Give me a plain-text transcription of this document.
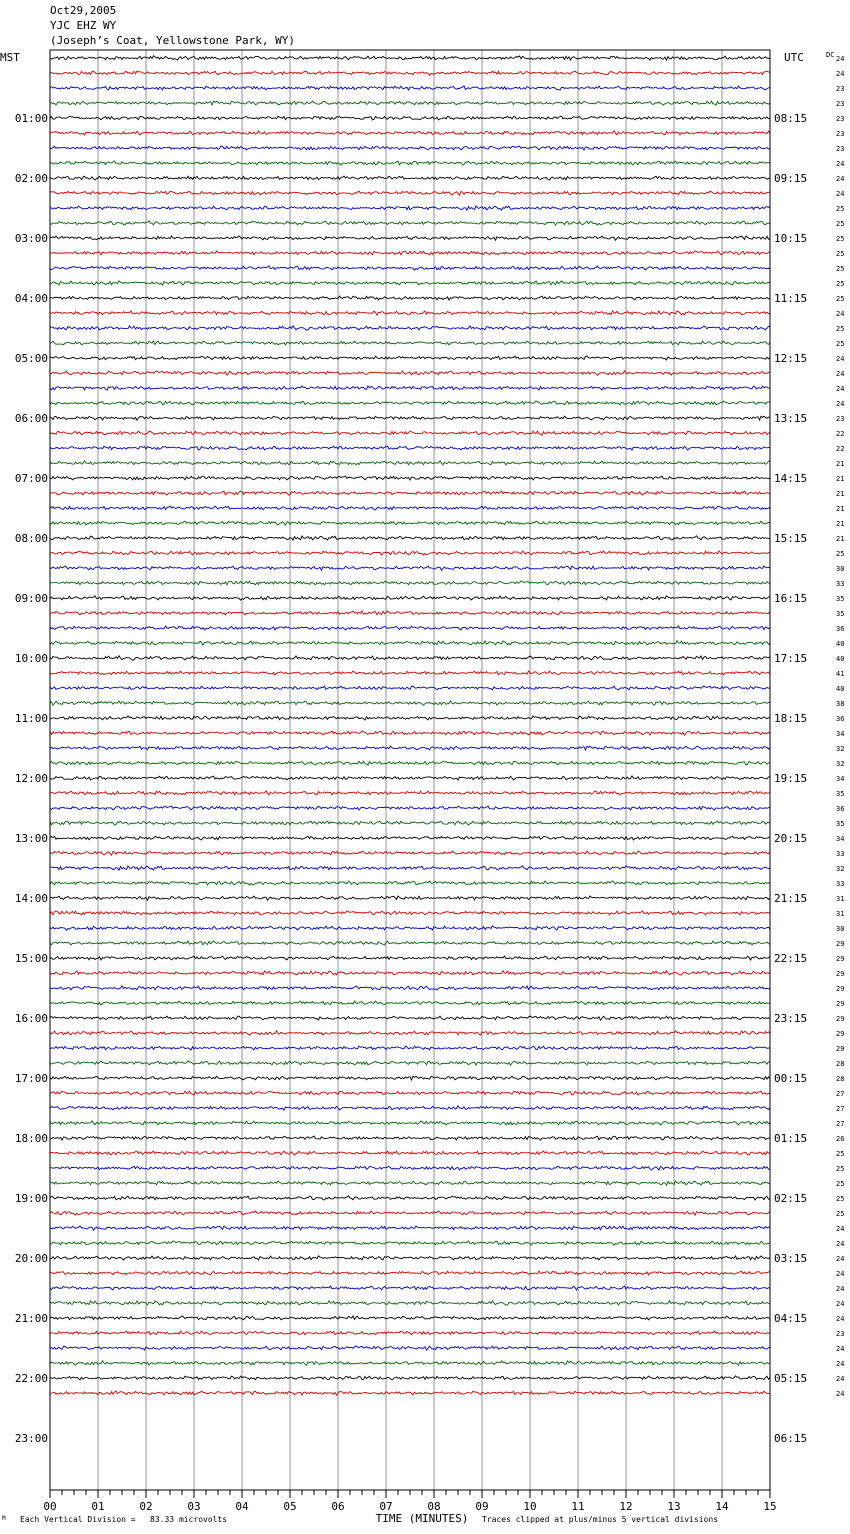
Oct29,2005
YJC EHZ WY
(Joseph’s Coat, Yellowstone Park, WY)
MST	UTC	DC
01:00
02:00
03:00
04:00
05:00
06:00
07:00
08:00
09:00
10:00
11:00
12:00
13:00
14:00
15:00
16:00
17:00
18:00
19:00
20:00
21:00
22:00
23:00
08:15
09:15
10:15
11:15
12:15
13:15
14:15
15:15
16:15
17:15
18:15
19:15
20:15
21:15
22:15
23:15
00:15
01:15
02:15
03:15
04:15
05:15
06:15
24
24
23
23
23
23
23
24
24
24
25
25
25
25
25
25
25
24
25
25
24
24
24
24
23
22
22
21
21
21
21
21
21
25
30
33
35
35
36
40
40
41
40
38
36
34
32
32
34
35
36
35
34
33
32
33
31
31
30
29
29
29
29
29
29
29
29
28
28
27
27
27
26
25
25
25
25
25
24
24
24
24
24
24
24
23
24
24
24
24
00	01	02	03	04	05	06	07	08	09	10	11	12	13	14	15
TIME (MINUTES)
M Each Vertical Division =   83.33 microvolts	Traces clipped at plus/minus 5 vertical divisions
